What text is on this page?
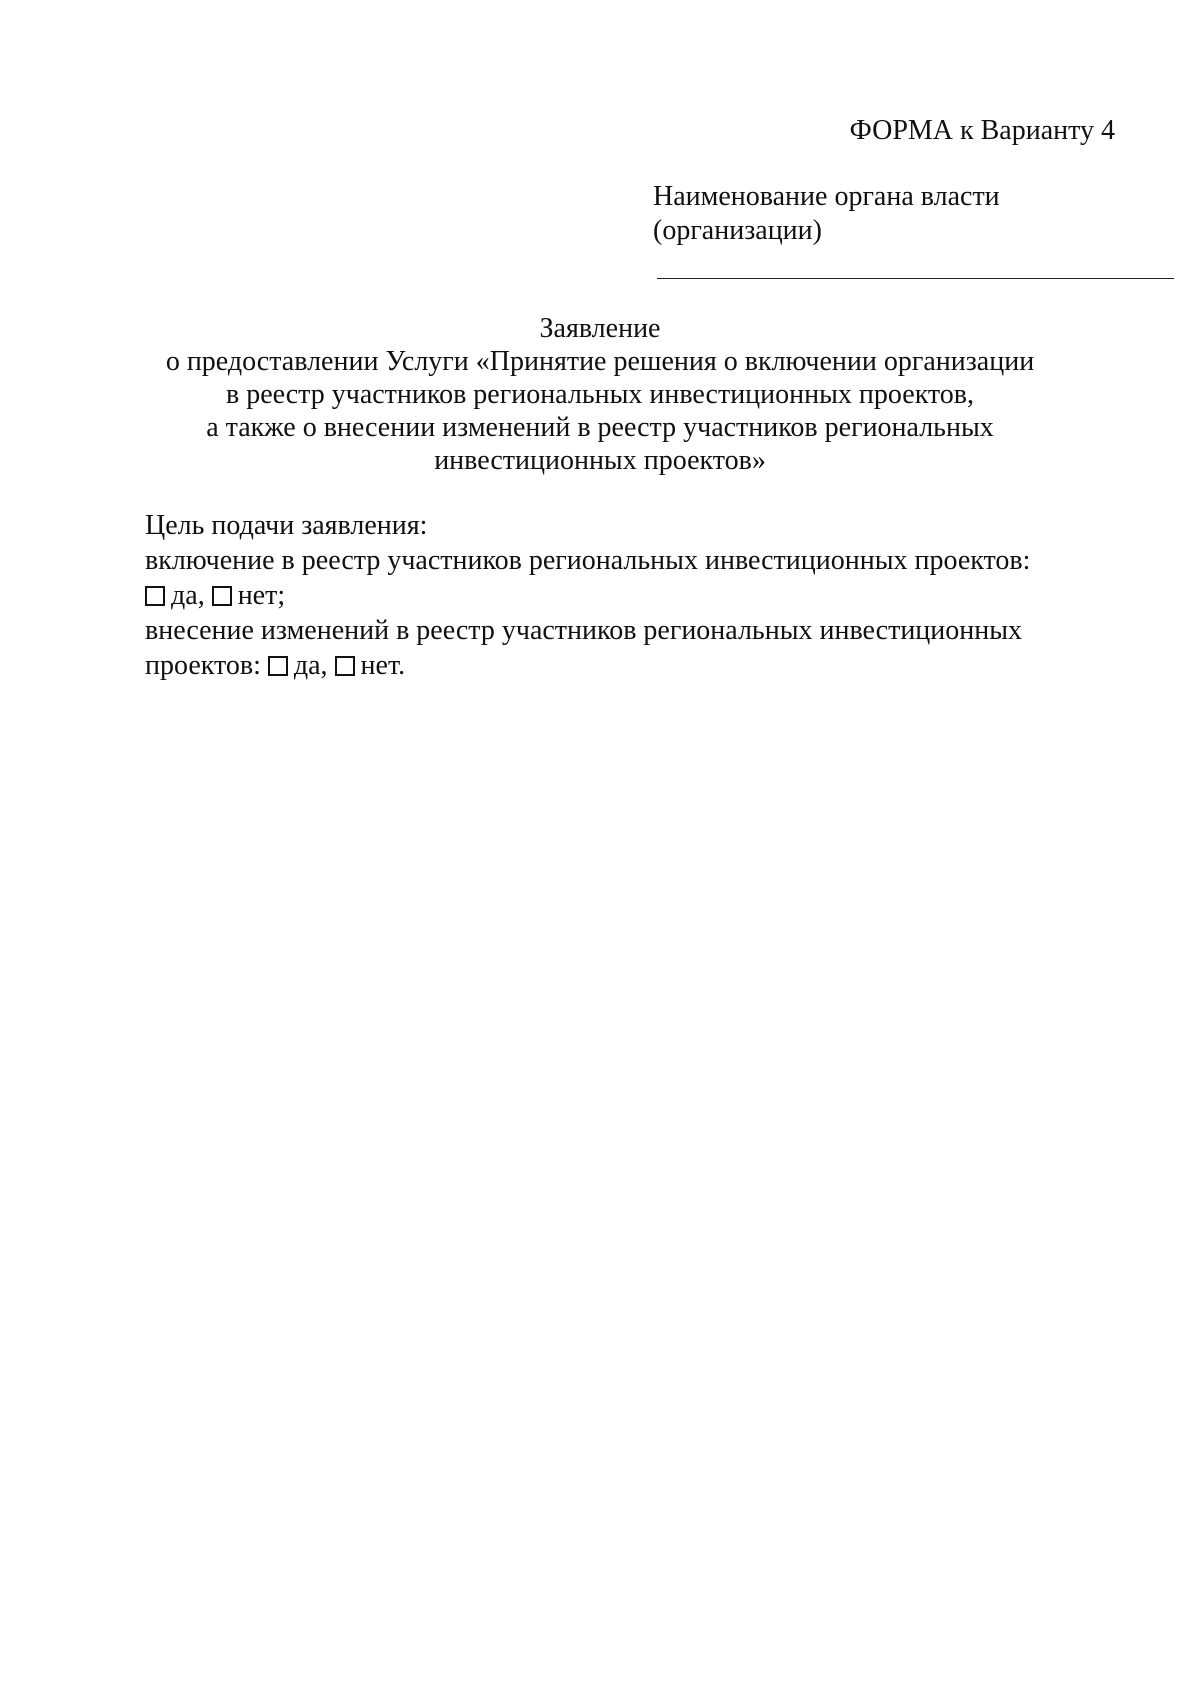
ФОРМА к Варианту 4
Наименование органа власти
(организации)
Заявление
о предоставлении Услуги «Принятие решения о включении организации
в реестр участников региональных инвестиционных проектов,
а также о внесении изменений в реестр участников региональных
инвестиционных проектов»
Цель подачи заявления:
включение в реестр участников региональных инвестиционных проектов:
да, нет;
внесение изменений в реестр участников региональных инвестиционных
проектов: да, нет.
